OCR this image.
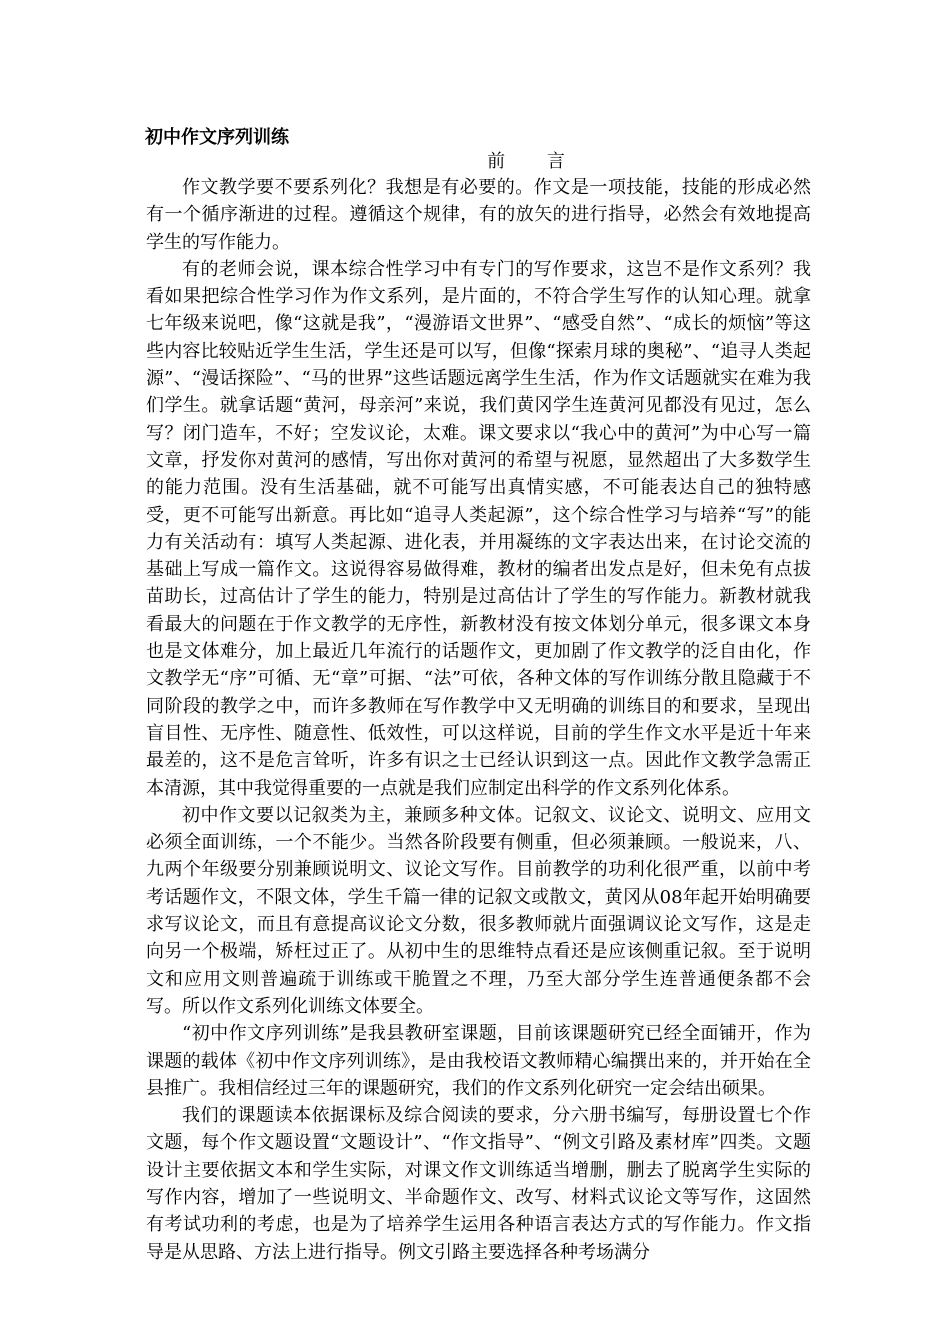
初中作文序列训练
前 言

作文教学要不要系列化？我想是有必要的。作文是一项技能，技能的形成必然有一个循序渐进的过程。遵循这个规律，有的放矢的进行指导，必然会有效地提高学生的写作能力。

有的老师会说，课本综合性学习中有专门的写作要求，这岂不是作文系列？我看如果把综合性学习作为作文系列，是片面的，不符合学生写作的认知心理。就拿七年级来说吧，像“这就是我”，“漫游语文世界”、“感受自然”、“成长的烦恼”等这些内容比较贴近学生生活，学生还是可以写，但像“探索月球的奥秘”、“追寻人类起源”、“漫话探险”、“马的世界”这些话题远离学生生活，作为作文话题就实在难为我们学生。就拿话题“黄河，母亲河”来说，我们黄冈学生连黄河见都没有见过，怎么写？闭门造车，不好；空发议论，太难。课文要求以“我心中的黄河”为中心写一篇文章，抒发你对黄河的感情，写出你对黄河的希望与祝愿，显然超出了大多数学生的能力范围。没有生活基础，就不可能写出真情实感，不可能表达自己的独特感受，更不可能写出新意。再比如“追寻人类起源”，这个综合性学习与培养“写”的能力有关活动有：填写人类起源、进化表，并用凝练的文字表达出来，在讨论交流的基础上写成一篇作文。这说得容易做得难，教材的编者出发点是好，但未免有点拔苗助长，过高估计了学生的能力，特别是过高估计了学生的写作能力。新教材就我看最大的问题在于作文教学的无序性，新教材没有按文体划分单元，很多课文本身也是文体难分，加上最近几年流行的话题作文，更加剧了作文教学的泛自由化，作文教学无“序”可循、无“章”可据、“法”可依，各种文体的写作训练分散且隐藏于不同阶段的教学之中，而许多教师在写作教学中又无明确的训练目的和要求，呈现出盲目性、无序性、随意性、低效性，可以这样说，目前的学生作文水平是近十年来最差的，这不是危言耸听，许多有识之士已经认识到这一点。因此作文教学急需正本清源，其中我觉得重要的一点就是我们应制定出科学的作文系列化体系。

初中作文要以记叙类为主，兼顾多种文体。记叙文、议论文、说明文、应用文必须全面训练，一个不能少。当然各阶段要有侧重，但必须兼顾。一般说来，八、九两个年级要分别兼顾说明文、议论文写作。目前教学的功利化很严重，以前中考考话题作文，不限文体，学生千篇一律的记叙文或散文，黄冈从08年起开始明确要求写议论文，而且有意提高议论文分数，很多教师就片面强调议论文写作，这是走向另一个极端，矫枉过正了。从初中生的思维特点看还是应该侧重记叙。至于说明文和应用文则普遍疏于训练或干脆置之不理，乃至大部分学生连普通便条都不会写。所以作文系列化训练文体要全。

“初中作文序列训练”是我县教研室课题，目前该课题研究已经全面铺开，作为课题的载体《初中作文序列训练》，是由我校语文教师精心编撰出来的，并开始在全县推广。我相信经过三年的课题研究，我们的作文系列化研究一定会结出硕果。

我们的课题读本依据课标及综合阅读的要求，分六册书编写，每册设置七个作文题，每个作文题设置“文题设计”、“作文指导”、“例文引路及素材库”四类。文题设计主要依据文本和学生实际，对课文作文训练适当增删，删去了脱离学生实际的写作内容，增加了一些说明文、半命题作文、改写、材料式议论文等写作，这固然有考试功利的考虑，也是为了培养学生运用各种语言表达方式的写作能力。作文指导是从思路、方法上进行指导。例文引路主要选择各种考场满分
